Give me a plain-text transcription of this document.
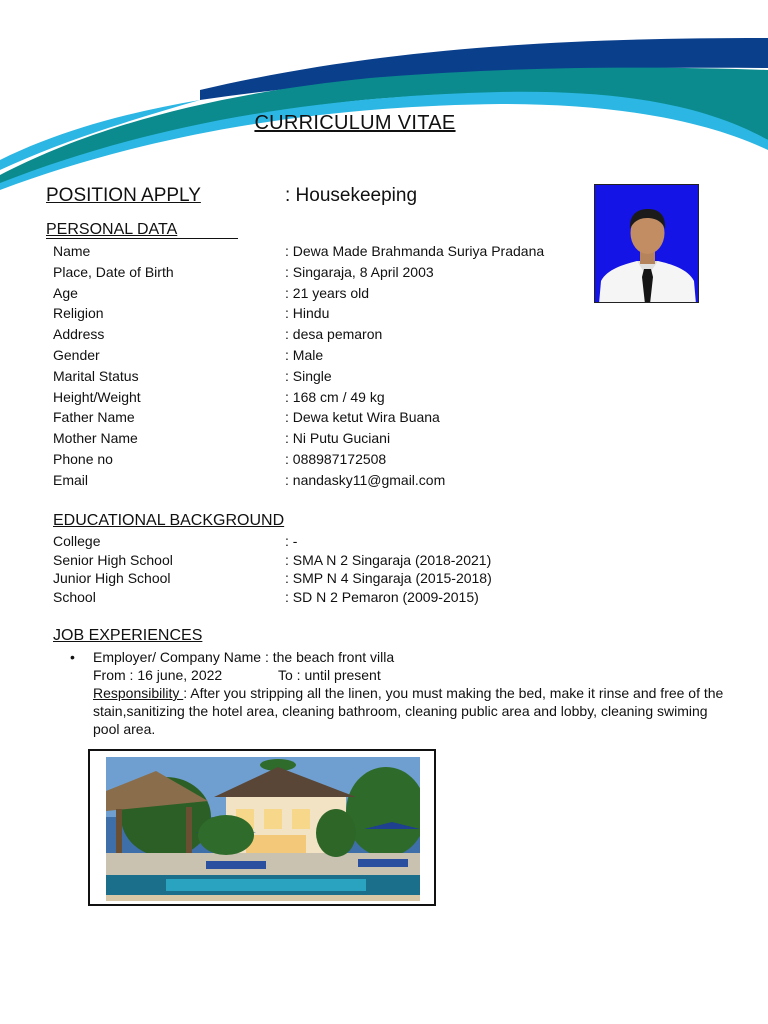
CURRICULUM VITAE
POSITION APPLY	: Housekeeping
PERSONAL DATA
Name	: Dewa Made Brahmanda Suriya Pradana
Place, Date of Birth	: Singaraja, 8 April 2003
Age	: 21 years old
Religion	: Hindu
Address	: desa pemaron
Gender	: Male
Marital Status	: Single
Height/Weight	: 168 cm / 49 kg
Father Name	: Dewa ketut Wira Buana
Mother Name	: Ni Putu Guciani
Phone no	: 088987172508
Email	: nandasky11@gmail.com
EDUCATIONAL BACKGROUND
College	: -
Senior High School	: SMA N 2 Singaraja (2018-2021)
Junior High School	: SMP N 4 Singaraja (2015-2018)
School	: SD N 2 Pemaron (2009-2015)
JOB EXPERIENCES
• Employer/ Company Name : the beach front villa
From : 16 june, 2022	To : until present
Responsibility : After you stripping all the linen, you must making the bed, make it rinse and free of the stain,sanitizing the hotel area, cleaning bathroom, cleaning public area and lobby, cleaning swiming pool area.
